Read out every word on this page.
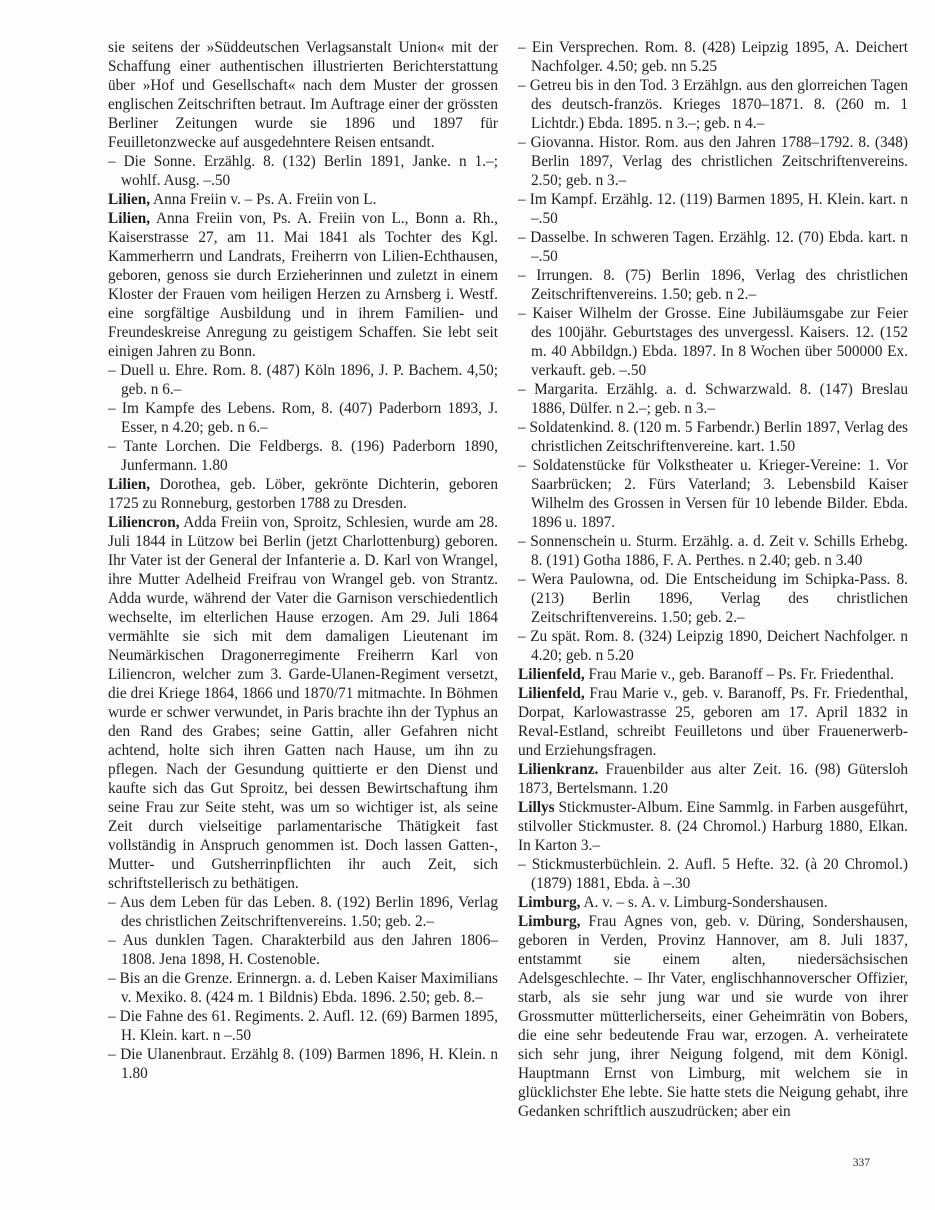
sie seitens der »Süddeutschen Verlagsanstalt Union« mit der Schaffung einer authentischen illustrierten Berichterstattung über »Hof und Gesellschaft« nach dem Muster der grossen englischen Zeitschriften betraut. Im Auftrage einer der grössten Berliner Zeitungen wurde sie 1896 und 1897 für Feuilletonzwecke auf ausgedehntere Reisen entsandt.

– Die Sonne. Erzählg. 8. (132) Berlin 1891, Janke. n 1.–; wohlf. Ausg. –.50

Lilien, Anna Freiin v. – Ps. A. Freiin von L.

Lilien, Anna Freiin von, Ps. A. Freiin von L., Bonn a. Rh., Kaiserstrasse 27, am 11. Mai 1841 als Tochter des Kgl. Kammerherrn und Landrats, Freiherrn von Lilien-Echthausen, geboren, genoss sie durch Erzieherinnen und zuletzt in einem Kloster der Frauen vom heiligen Herzen zu Arnsberg i. Westf. eine sorgfältige Ausbildung und in ihrem Familien- und Freundeskreise Anregung zu geistigem Schaffen. Sie lebt seit einigen Jahren zu Bonn.

– Duell u. Ehre. Rom. 8. (487) Köln 1896, J. P. Bachem. 4,50; geb. n 6.–

– Im Kampfe des Lebens. Rom, 8. (407) Paderborn 1893, J. Esser, n 4.20; geb. n 6.–

– Tante Lorchen. Die Feldbergs. 8. (196) Paderborn 1890, Junfermann. 1.80

Lilien, Dorothea, geb. Löber, gekrönte Dichterin, geboren 1725 zu Ronneburg, gestorben 1788 zu Dresden.

Liliencron, Adda Freiin von, Sproitz, Schlesien, wurde am 28. Juli 1844 in Lützow bei Berlin (jetzt Charlottenburg) geboren. Ihr Vater ist der General der Infanterie a. D. Karl von Wrangel, ihre Mutter Adelheid Freifrau von Wrangel geb. von Strantz. Adda wurde, während der Vater die Garnison verschiedentlich wechselte, im elterlichen Hause erzogen. Am 29. Juli 1864 vermählte sie sich mit dem damaligen Lieutenant im Neumärkischen Dragonerregimente Freiherrn Karl von Liliencron, welcher zum 3. Garde-Ulanen-Regiment versetzt, die drei Kriege 1864, 1866 und 1870/71 mitmachte. In Böhmen wurde er schwer verwundet, in Paris brachte ihn der Typhus an den Rand des Grabes; seine Gattin, aller Gefahren nicht achtend, holte sich ihren Gatten nach Hause, um ihn zu pflegen. Nach der Gesundung quittierte er den Dienst und kaufte sich das Gut Sproitz, bei dessen Bewirtschaftung ihm seine Frau zur Seite steht, was um so wichtiger ist, als seine Zeit durch vielseitige parlamentarische Thätigkeit fast vollständig in Anspruch genommen ist. Doch lassen Gatten-, Mutter- und Gutsherrinpflichten ihr auch Zeit, sich schriftstellerisch zu bethätigen.

– Aus dem Leben für das Leben. 8. (192) Berlin 1896, Verlag des christlichen Zeitschriftenvereins. 1.50; geb. 2.–

– Aus dunklen Tagen. Charakterbild aus den Jahren 1806–1808. Jena 1898, H. Costenoble.

– Bis an die Grenze. Erinnergn. a. d. Leben Kaiser Maximilians v. Mexiko. 8. (424 m. 1 Bildnis) Ebda. 1896. 2.50; geb. 8.–

– Die Fahne des 61. Regiments. 2. Aufl. 12. (69) Barmen 1895, H. Klein. kart. n –.50

– Die Ulanenbraut. Erzählg 8. (109) Barmen 1896, H. Klein. n 1.80

– Ein Versprechen. Rom. 8. (428) Leipzig 1895, A. Deichert Nachfolger. 4.50; geb. nn 5.25

– Getreu bis in den Tod. 3 Erzählgn. aus den glorreichen Tagen des deutsch-französ. Krieges 1870–1871. 8. (260 m. 1 Lichtdr.) Ebda. 1895. n 3.–; geb. n 4.–

– Giovanna. Histor. Rom. aus den Jahren 1788–1792. 8. (348) Berlin 1897, Verlag des christlichen Zeitschriftenvereins. 2.50; geb. n 3.–

– Im Kampf. Erzählg. 12. (119) Barmen 1895, H. Klein. kart. n –.50

– Dasselbe. In schweren Tagen. Erzählg. 12. (70) Ebda. kart. n –.50

– Irrungen. 8. (75) Berlin 1896, Verlag des christlichen Zeitschriftenvereins. 1.50; geb. n 2.–

– Kaiser Wilhelm der Grosse. Eine Jubiläumsgabe zur Feier des 100jähr. Geburtstages des unvergessl. Kaisers. 12. (152 m. 40 Abbildgn.) Ebda. 1897. In 8 Wochen über 500000 Ex. verkauft. geb. –.50

– Margarita. Erzählg. a. d. Schwarzwald. 8. (147) Breslau 1886, Dülfer. n 2.–; geb. n 3.–

– Soldatenkind. 8. (120 m. 5 Farbendr.) Berlin 1897, Verlag des christlichen Zeitschriftenvereine. kart. 1.50

– Soldatenstücke für Volkstheater u. Krieger-Vereine: 1. Vor Saarbrücken; 2. Fürs Vaterland; 3. Lebensbild Kaiser Wilhelm des Grossen in Versen für 10 lebende Bilder. Ebda. 1896 u. 1897.

– Sonnenschein u. Sturm. Erzählg. a. d. Zeit v. Schills Erhebg. 8. (191) Gotha 1886, F. A. Perthes. n 2.40; geb. n 3.40

– Wera Paulowna, od. Die Entscheidung im Schipka-Pass. 8. (213) Berlin 1896, Verlag des christlichen Zeitschriftenvereins. 1.50; geb. 2.–

– Zu spät. Rom. 8. (324) Leipzig 1890, Deichert Nachfolger. n 4.20; geb. n 5.20

Lilienfeld, Frau Marie v., geb. Baranoff – Ps. Fr. Friedenthal.

Lilienfeld, Frau Marie v., geb. v. Baranoff, Ps. Fr. Friedenthal, Dorpat, Karlowastrasse 25, geboren am 17. April 1832 in Reval-Estland, schreibt Feuilletons und über Frauenerwerb- und Erziehungsfragen.

Lilienkranz. Frauenbilder aus alter Zeit. 16. (98) Gütersloh 1873, Bertelsmann. 1.20

Lillys Stickmuster-Album. Eine Sammlg. in Farben ausgeführt, stilvoller Stickmuster. 8. (24 Chromol.) Harburg 1880, Elkan. In Karton 3.–

– Stickmusterbüchlein. 2. Aufl. 5 Hefte. 32. (à 20 Chromol.) (1879) 1881, Ebda. à –.30

Limburg, A. v. – s. A. v. Limburg-Sondershausen.

Limburg, Frau Agnes von, geb. v. Düring, Sondershausen, geboren in Verden, Provinz Hannover, am 8. Juli 1837, entstammt sie einem alten, niedersächsischen Adelsgeschlechte. – Ihr Vater, englischhannoverscher Offizier, starb, als sie sehr jung war und sie wurde von ihrer Grossmutter mütterlicherseits, einer Geheimrätin von Bobers, die eine sehr bedeutende Frau war, erzogen. A. verheiratete sich sehr jung, ihrer Neigung folgend, mit dem Königl. Hauptmann Ernst von Limburg, mit welchem sie in glücklichster Ehe lebte. Sie hatte stets die Neigung gehabt, ihre Gedanken schriftlich auszudrücken; aber ein

337
